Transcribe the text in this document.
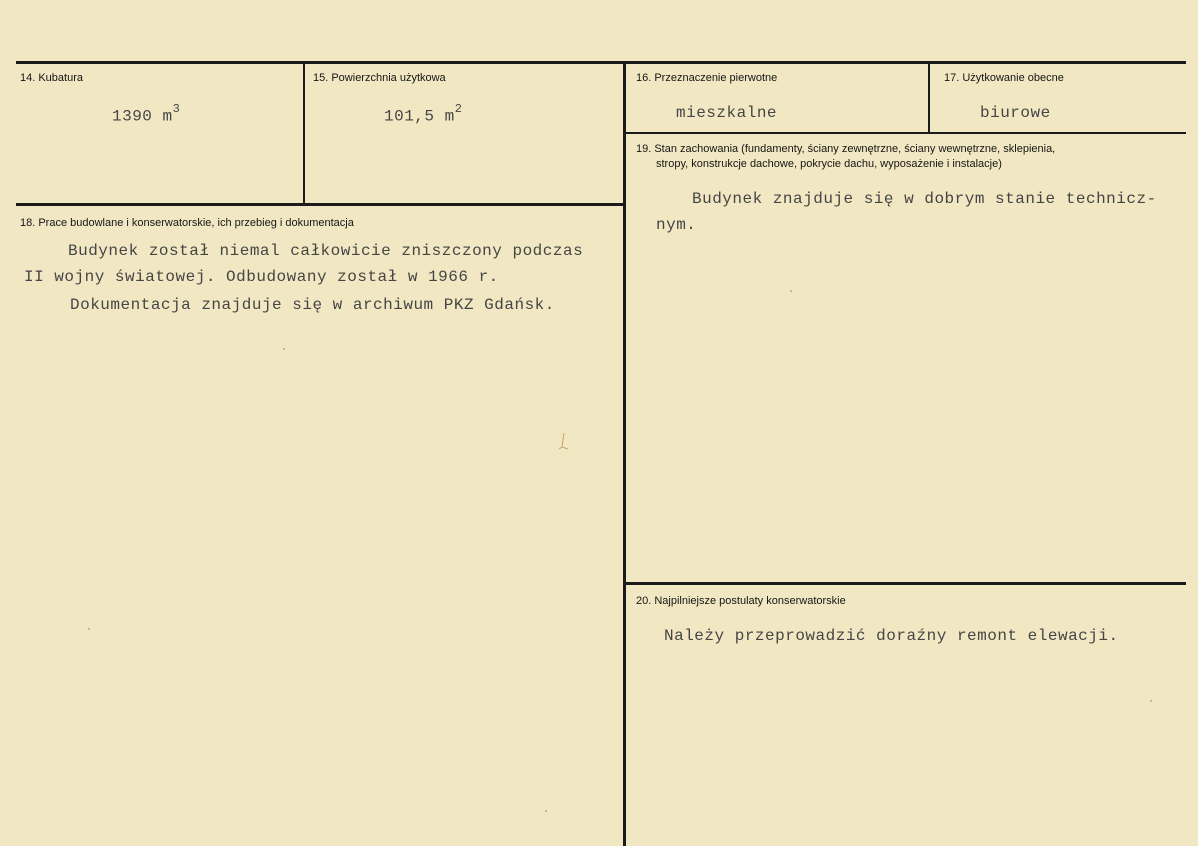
14. Kubatura
1390 $m^3$
15. Powierzchnia użytkowa
101,5 $m^2$
16. Przeznaczenie pierwotne
mieszkalne
17. Użytkowanie obecne
biurowe
18. Prace budowlane i konserwatorskie, ich przebieg i dokumentacja
Budynek został niemal całkowicie zniszczony podczas
II wojny światowej. Odbudowany został w 1966 r.
Dokumentacja znajduje się w archiwum PKZ Gdańsk.
19. Stan zachowania (fundamenty, ściany zewnętrzne, ściany wewnętrzne, sklepienia,
stropy, konstrukcje dachowe, pokrycie dachu, wyposażenie i instalacje)
Budynek znajduje się w dobrym stanie technicz-
nym.
20. Najpilniejsze postulaty konserwatorskie
Należy przeprowadzić doraźny remont elewacji.
